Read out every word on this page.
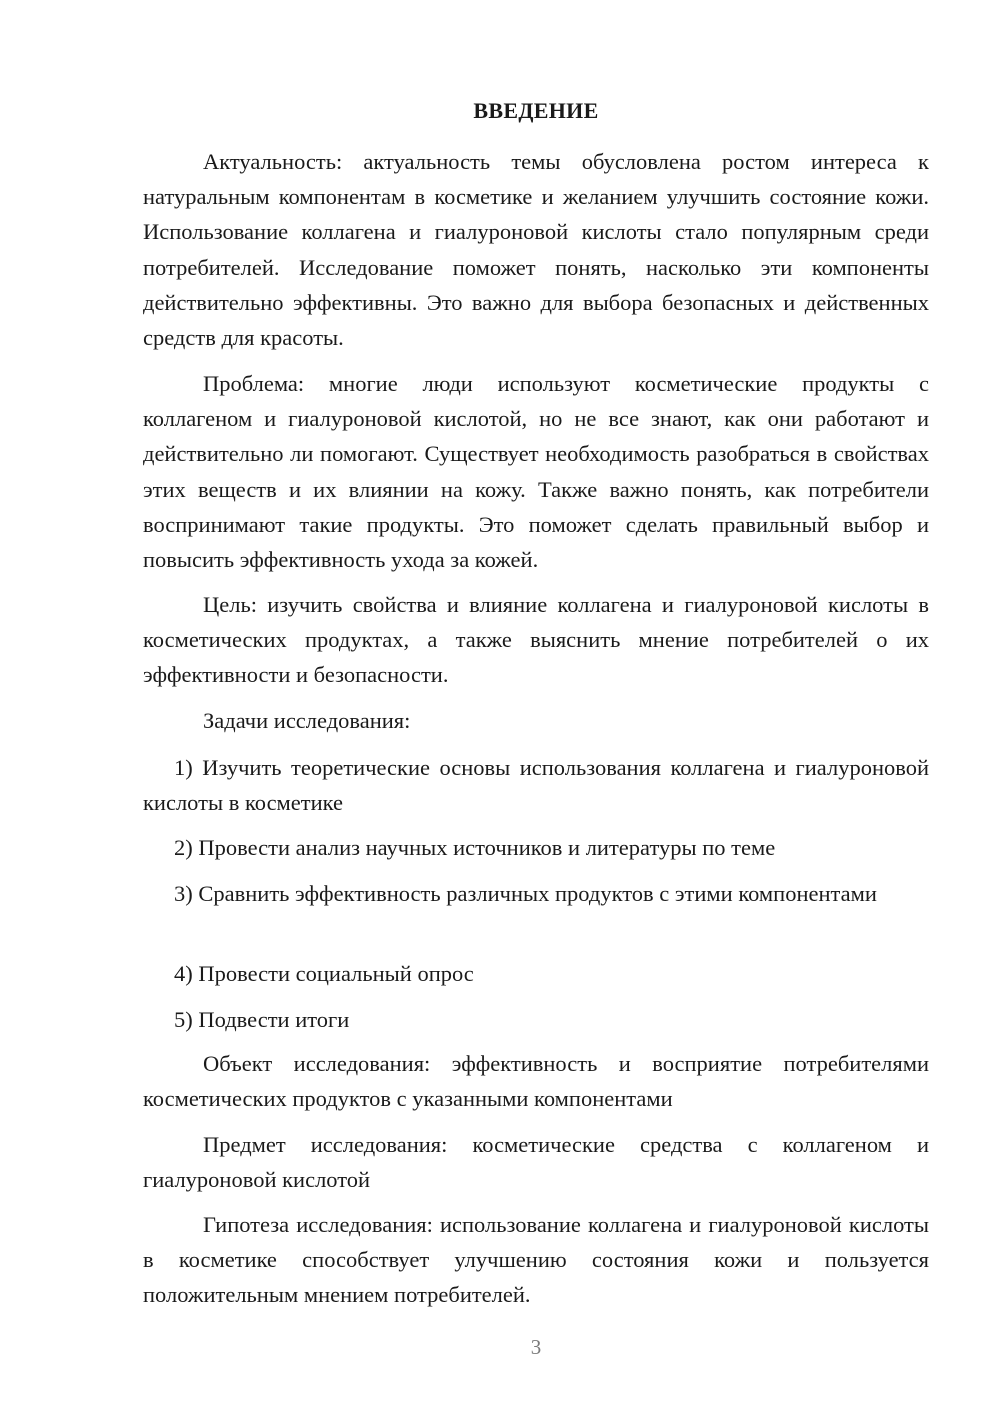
ВВЕДЕНИЕ

Актуальность: актуальность темы обусловлена ростом интереса к натуральным компонентам в косметике и желанием улучшить состояние кожи. Использование коллагена и гиалуроновой кислоты стало популярным среди потребителей. Исследование поможет понять, насколько эти компоненты действительно эффективны. Это важно для выбора безопасных и действенных средств для красоты.

Проблема: многие люди используют косметические продукты с коллагеном и гиалуроновой кислотой, но не все знают, как они работают и действительно ли помогают. Существует необходимость разобраться в свойствах этих веществ и их влиянии на кожу. Также важно понять, как потребители воспринимают такие продукты. Это поможет сделать правильный выбор и повысить эффективность ухода за кожей.

Цель: изучить свойства и влияние коллагена и гиалуроновой кислоты в косметических продуктах, а также выяснить мнение потребителей о их эффективности и безопасности.

Задачи исследования:

1) Изучить теоретические основы использования коллагена и гиалуроновой кислоты в косметике

2) Провести анализ научных источников и литературы по теме

3) Сравнить эффективность различных продуктов с этими компонентами

4) Провести социальный опрос

5) Подвести итоги

Объект исследования: эффективность и восприятие потребителями косметических продуктов с указанными компонентами

Предмет исследования: косметические средства с коллагеном и гиалуроновой кислотой

Гипотеза исследования: использование коллагена и гиалуроновой кислоты в косметике способствует улучшению состояния кожи и пользуется положительным мнением потребителей.

3
